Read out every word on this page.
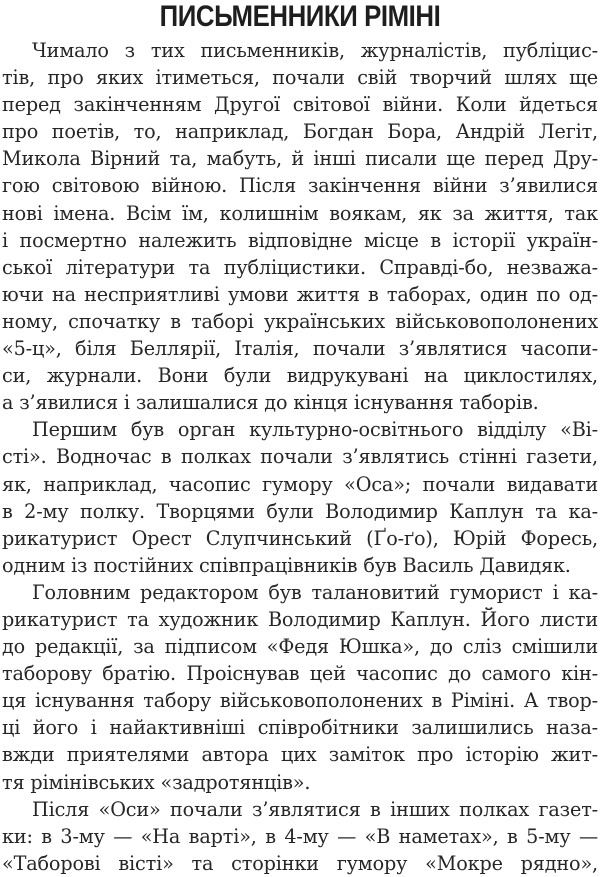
ПИСЬМЕННИКИ РІМІНІ
Чимало з тих письменників, журналістів, публіцис-
тів, про яких ітиметься, почали свій творчий шлях ще
перед закінченням Другої світової війни. Коли йдеться
про поетів, то, наприклад, Богдан Бора, Андрій Легіт,
Микола Вірний та, мабуть, й інші писали ще перед Дру-
гою світовою війною. Після закінчення війни з’явилися
нові імена. Всім їм, колишнім воякам, як за життя, так
і посмертно належить відповідне місце в історії україн-
ської літератури та публіцистики. Справді-бо, незважа-
ючи на несприятливі умови життя в таборах, один по од-
ному, спочатку в таборі українських військовополонених
«5-ц», біля Беллярії, Італія, почали з’являтися часопи-
си, журнали. Вони були видрукувані на циклостилях,
а з’явилися і залишалися до кінця існування таборів.
Першим був орган культурно-освітнього відділу «Ві-
сті». Водночас в полках почали з’являтись стінні газети,
як, наприклад, часопис гумору «Оса»; почали видавати
в 2-му полку. Творцями були Володимир Каплун та ка-
рикатурист Орест Слупчинський (Ґо-ґо), Юрій Форесь,
одним із постійних співпрацівників був Василь Давидяк.
Головним редактором був талановитий гуморист і ка-
рикатурист та художник Володимир Каплун. Його листи
до редакції, за підписом «Федя Юшка», до сліз смішили
таборову братію. Проіснував цей часопис до самого кін-
ця існування табору військовополонених в Ріміні. А твор-
ці його і найактивніші співробітники залишились наза-
вжди приятелями автора цих заміток про історію жит-
тя рімінівських «задротянців».
Після «Оси» почали з’являтися в інших полках газет-
ки: в 3-му — «На варті», в 4-му — «В наметах», в 5-му —
«Таборові вісті» та сторінки гумору «Мокре рядно»,
